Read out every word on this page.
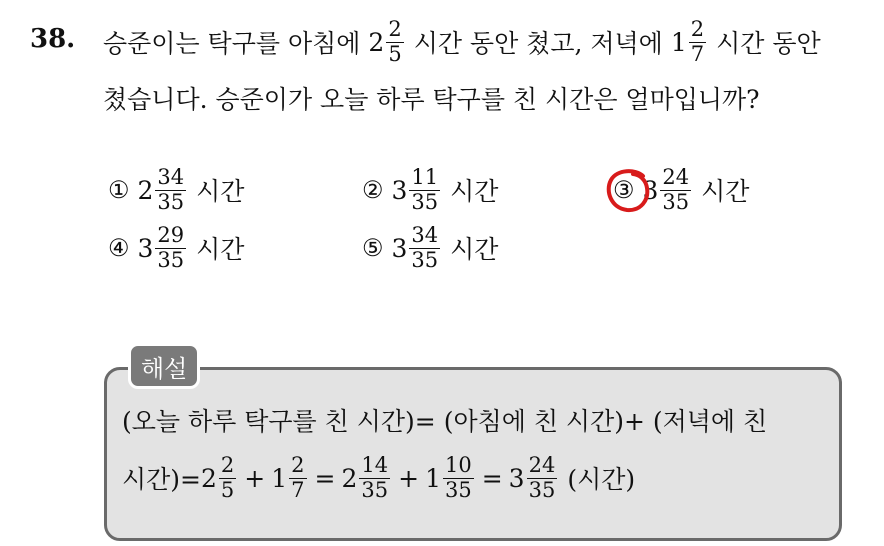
38. 승준이는 탁구를 아침에 $2 \frac{2}{5}$ 시간 동안 쳤고, 저녁에 $1 \frac{2}{7}$ 시간 동안
쳤습니다. 승준이가 오늘 하루 탁구를 친 시간은 얼마입니까?
① $2 \frac{34}{35}$ 시간	② $3 \frac{11}{35}$ 시간	③ $3 \frac{24}{35}$ 시간
④ $3 \frac{29}{35}$ 시간	⑤ $3 \frac{34}{35}$ 시간
해설
(오늘 하루 탁구를 친 시간)= (아침에 친 시간)+ (저녁에 친
시간)= $2 \frac{2}{5} + 1 \frac{2}{7} = 2 \frac{14}{35} + 1 \frac{10}{35} = 3 \frac{24}{35}$ (시간)
